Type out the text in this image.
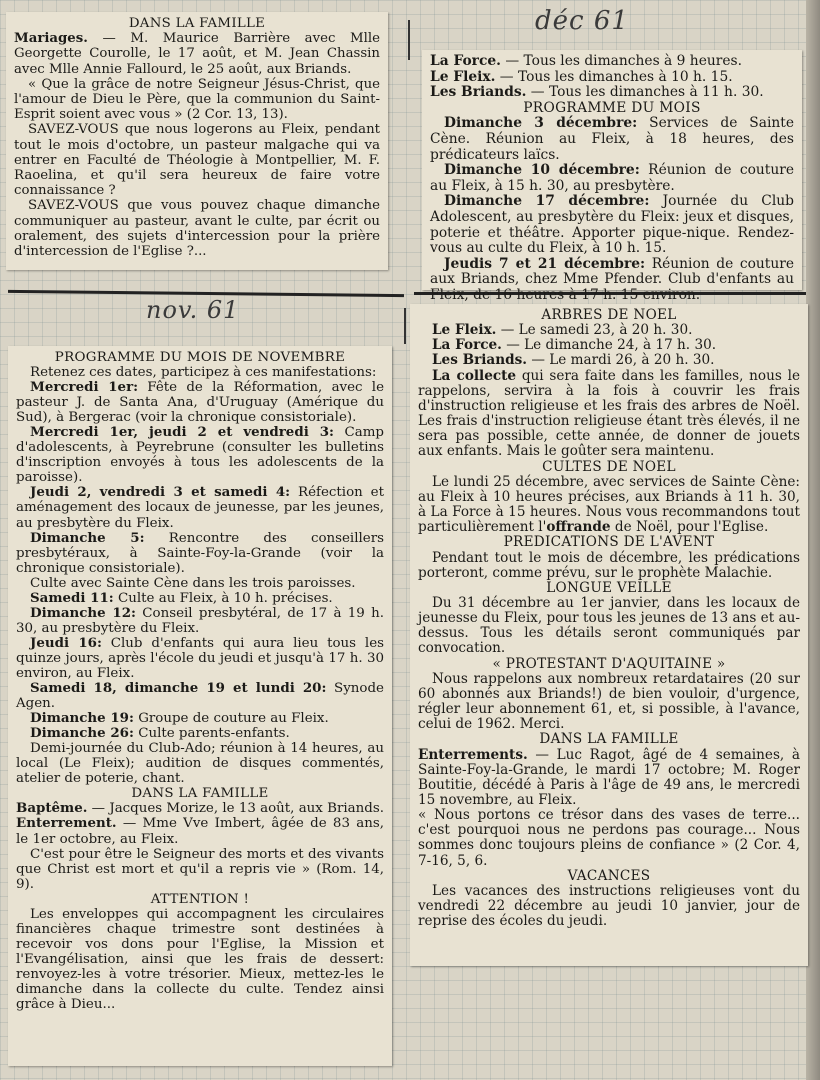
déc 61
nov. 61

DANS LA FAMILLE

Mariages. — M. Maurice Barrière avec Mlle Georgette Courolle, le 17 août, et M. Jean Chassin avec Mlle Annie Fallourd, le 25 août, aux Briands.

« Que la grâce de notre Seigneur Jésus-Christ, que l'amour de Dieu le Père, que la communion du Saint-Esprit soient avec vous » (2 Cor. 13, 13).

SAVEZ-VOUS que nous logerons au Fleix, pendant tout le mois d'octobre, un pasteur malgache qui va entrer en Faculté de Théologie à Montpellier, M. F. Raoelina, et qu'il sera heureux de faire votre connaissance ?

SAVEZ-VOUS que vous pouvez chaque dimanche communiquer au pasteur, avant le culte, par écrit ou oralement, des sujets d'intercession pour la prière d'intercession de l'Eglise ?...

La Force. — Tous les dimanches à 9 heures.

Le Fleix. — Tous les dimanches à 10 h. 15.

Les Briands. — Tous les dimanches à 11 h. 30.

PROGRAMME DU MOIS

Dimanche 3 décembre: Services de Sainte Cène. Réunion au Fleix, à 18 heures, des prédicateurs laïcs.

Dimanche 10 décembre: Réunion de couture au Fleix, à 15 h. 30, au presbytère.

Dimanche 17 décembre: Journée du Club Adolescent, au presbytère du Fleix: jeux et disques, poterie et théâtre. Apporter pique-nique. Rendez-vous au culte du Fleix, à 10 h. 15.

Jeudis 7 et 21 décembre: Réunion de couture aux Briands, chez Mme Pfender. Club d'enfants au Fleix, de 16 heures à 17 h. 15 environ.

PROGRAMME DU MOIS DE NOVEMBRE

Retenez ces dates, participez à ces manifestations:

Mercredi 1er: Fête de la Réformation, avec le pasteur J. de Santa Ana, d'Uruguay (Amérique du Sud), à Bergerac (voir la chronique consistoriale).

Mercredi 1er, jeudi 2 et vendredi 3: Camp d'adolescents, à Peyrebrune (consulter les bulletins d'inscription envoyés à tous les adolescents de la paroisse).

Jeudi 2, vendredi 3 et samedi 4: Réfection et aménagement des locaux de jeunesse, par les jeunes, au presbytère du Fleix.

Dimanche 5: Rencontre des conseillers presbytéraux, à Sainte-Foy-la-Grande (voir la chronique consistoriale).

Culte avec Sainte Cène dans les trois paroisses.

Samedi 11: Culte au Fleix, à 10 h. précises.

Dimanche 12: Conseil presbytéral, de 17 à 19 h. 30, au presbytère du Fleix.

Jeudi 16: Club d'enfants qui aura lieu tous les quinze jours, après l'école du jeudi et jusqu'à 17 h. 30 environ, au Fleix.

Samedi 18, dimanche 19 et lundi 20: Synode Agen.

Dimanche 19: Groupe de couture au Fleix.

Dimanche 26: Culte parents-enfants.

Demi-journée du Club-Ado; réunion à 14 heures, au local (Le Fleix); audition de disques commentés, atelier de poterie, chant.

DANS LA FAMILLE

Baptême. — Jacques Morize, le 13 août, aux Briands.

Enterrement. — Mme Vve Imbert, âgée de 83 ans, le 1er octobre, au Fleix.

C'est pour être le Seigneur des morts et des vivants que Christ est mort et qu'il a repris vie » (Rom. 14, 9).

ATTENTION !

Les enveloppes qui accompagnent les circulaires financières chaque trimestre sont destinées à recevoir vos dons pour l'Eglise, la Mission et l'Evangélisation, ainsi que les frais de dessert: renvoyez-les à votre trésorier. Mieux, mettez-les le dimanche dans la collecte du culte. Tendez ainsi grâce à Dieu...

ARBRES DE NOEL

Le Fleix. — Le samedi 23, à 20 h. 30.

La Force. — Le dimanche 24, à 17 h. 30.

Les Briands. — Le mardi 26, à 20 h. 30.

La collecte qui sera faite dans les familles, nous le rappelons, servira à la fois à couvrir les frais d'instruction religieuse et les frais des arbres de Noël. Les frais d'instruction religieuse étant très élevés, il ne sera pas possible, cette année, de donner de jouets aux enfants. Mais le goûter sera maintenu.

CULTES DE NOEL

Le lundi 25 décembre, avec services de Sainte Cène: au Fleix à 10 heures précises, aux Briands à 11 h. 30, à La Force à 15 heures. Nous vous recommandons tout particulièrement l'offrande de Noël, pour l'Eglise.

PREDICATIONS DE L'AVENT

Pendant tout le mois de décembre, les prédications porteront, comme prévu, sur le prophète Malachie.

LONGUE VEILLE

Du 31 décembre au 1er janvier, dans les locaux de jeunesse du Fleix, pour tous les jeunes de 13 ans et au-dessus. Tous les détails seront communiqués par convocation.

« PROTESTANT D'AQUITAINE »

Nous rappelons aux nombreux retardataires (20 sur 60 abonnés aux Briands!) de bien vouloir, d'urgence, régler leur abonnement 61, et, si possible, à l'avance, celui de 1962. Merci.

DANS LA FAMILLE

Enterrements. — Luc Ragot, âgé de 4 semaines, à Sainte-Foy-la-Grande, le mardi 17 octobre; M. Roger Boutitie, décédé à Paris à l'âge de 49 ans, le mercredi 15 novembre, au Fleix.

« Nous portons ce trésor dans des vases de terre... c'est pourquoi nous ne perdons pas courage... Nous sommes donc toujours pleins de confiance » (2 Cor. 4, 7-16, 5, 6.

VACANCES

Les vacances des instructions religieuses vont du vendredi 22 décembre au jeudi 10 janvier, jour de reprise des écoles du jeudi.
